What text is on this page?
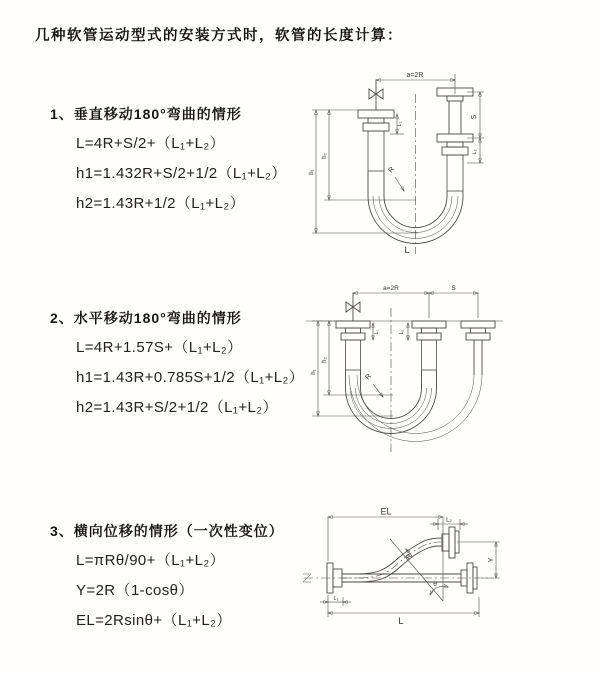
几种软管运动型式的安装方式时，软管的长度计算：

1、垂直移动180°弯曲的情形

L=4R+S/2+（L₁+L₂）

h1=1.432R+S/2+1/2（L₁+L₂）

h2=1.43R+1/2（L₁+L₂）

2、水平移动180°弯曲的情形

L=4R+1.57S+（L₁+L₂）

h1=1.43R+0.785S+1/2（L₁+L₂）

h2=1.43R+S/2+1/2（L₁+L₂）

3、横向位移的情形（一次性变位）

L=πRθ/90+（L₁+L₂）

Y=2R（1-cosθ）

EL=2Rsinθ+（L₁+L₂）

a=2R
S
L₂
L₁
R
h₂
h₁
L
a=2R	S
L₁	L₂
R
h₂
h₁
EL
L₂
R
θ
Y
L
L₁
